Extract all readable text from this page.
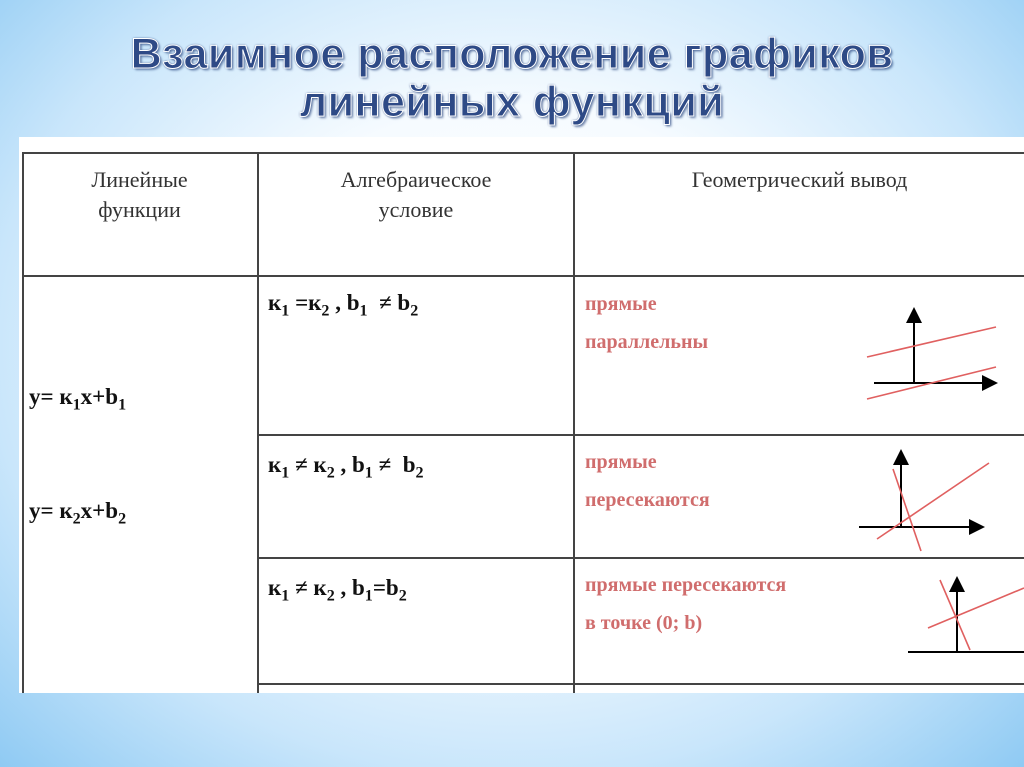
Взаимное расположение графиков
линейных функций
Линейные
функции
Алгебраическое
условие
Геометрический вывод
$y= к_1x+b_1$
$y= к_2x+b_2$
$к_1 =к_2$ , $b_1 \ne b_2$	прямые
параллельны
$к_1 \ne к_2$ , $b_1 \ne b_2$
прямые
пересекаются
$к_1 \ne к_2$ , $b_1=b_2$
прямые пересекаются
в точке (0; b)
